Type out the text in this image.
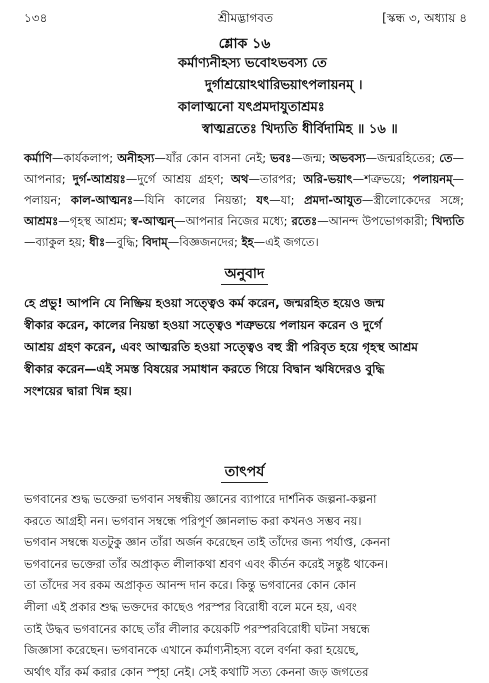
১৩৪	শ্রীমদ্ভাগবত	[স্কন্ধ ৩, অধ্যায় ৪
শ্লোক ১৬
কর্মাণ্যনীহস্য ভবোঽভবস্য তে
দুর্গাশ্রয়োঽথারিভয়াৎপলায়নম্ ।
কালাত্মনো যৎপ্রমদাযুতাশ্রমঃ
স্বাত্মন্রতেঃ খিদ্যতি ধীর্বিদামিহ ॥ ১৬ ॥
কর্মাণি—কার্যকলাপ; অনীহস্য—যাঁর কোন বাসনা নেই; ভবঃ—জন্ম; অভবস্য—জন্মরহিতের; তে—আপনার; দুর্গ-আশ্রয়ঃ—দুর্গে আশ্রয় গ্রহণ; অথ—তারপর; অরি-ভয়াৎ—শত্রুভয়ে; পলায়নম্—পলায়ন; কাল-আত্মনঃ—যিনি কালের নিয়ন্তা; যৎ—যা; প্রমদা-আযুত—স্ত্রীলোকেদের সঙ্গে; আশ্রমঃ—গৃহস্থ আশ্রম; স্ব-আত্মন্—আপনার নিজের মধ্যে; রতেঃ—আনন্দ উপভোগকারী; খিদ্যতি—ব্যাকুল হয়; ধীঃ—বুদ্ধি; বিদাম্—বিজ্ঞজনদের; ইহ—এই জগতে।
অনুবাদ
হে প্রভু! আপনি যে নিষ্ক্রিয় হওয়া সত্ত্বেও কর্ম করেন, জন্মরহিত হয়েও জন্ম
স্বীকার করেন, কালের নিয়ন্তা হওয়া সত্ত্বেও শত্রুভয়ে পলায়ন করেন ও দুর্গে
আশ্রয় গ্রহণ করেন, এবং আত্মরতি হওয়া সত্ত্বেও বহু স্ত্রী পরিবৃত হয়ে গৃহস্থ আশ্রম
স্বীকার করেন—এই সমস্ত বিষয়ের সমাধান করতে গিয়ে বিদ্বান ঋষিদেরও বুদ্ধি
সংশয়ের দ্বারা খিন্ন হয়।
তাৎপর্য
ভগবানের শুদ্ধ ভক্তেরা ভগবান সম্বন্ধীয় জ্ঞানের ব্যাপারে দার্শনিক জল্পনা-কল্পনা
করতে আগ্রহী নন। ভগবান সম্বন্ধে পরিপূর্ণ জ্ঞানলাভ করা কখনও সম্ভব নয়।
ভগবান সম্বন্ধে যতটুকু জ্ঞান তাঁরা অর্জন করেছেন তাই তাঁদের জন্য পর্যাপ্ত, কেননা
ভগবানের ভক্তেরা তাঁর অপ্রাকৃত লীলাকথা শ্রবণ এবং কীর্তন করেই সন্তুষ্ট থাকেন।
তা তাঁদের সব রকম অপ্রাকৃত আনন্দ দান করে। কিন্তু ভগবানের কোন কোন
লীলা এই প্রকার শুদ্ধ ভক্তদের কাছেও পরস্পর বিরোধী বলে মনে হয়, এবং
তাই উদ্ধব ভগবানের কাছে তাঁর লীলার কয়েকটি পরস্পরবিরোধী ঘটনা সম্বন্ধে
জিজ্ঞাসা করেছেন। ভগবানকে এখানে কর্মাণ্যনীহস্য বলে বর্ণনা করা হয়েছে,
অর্থাৎ যাঁর কর্ম করার কোন স্পৃহা নেই। সেই কথাটি সত্য কেননা জড় জগতের
